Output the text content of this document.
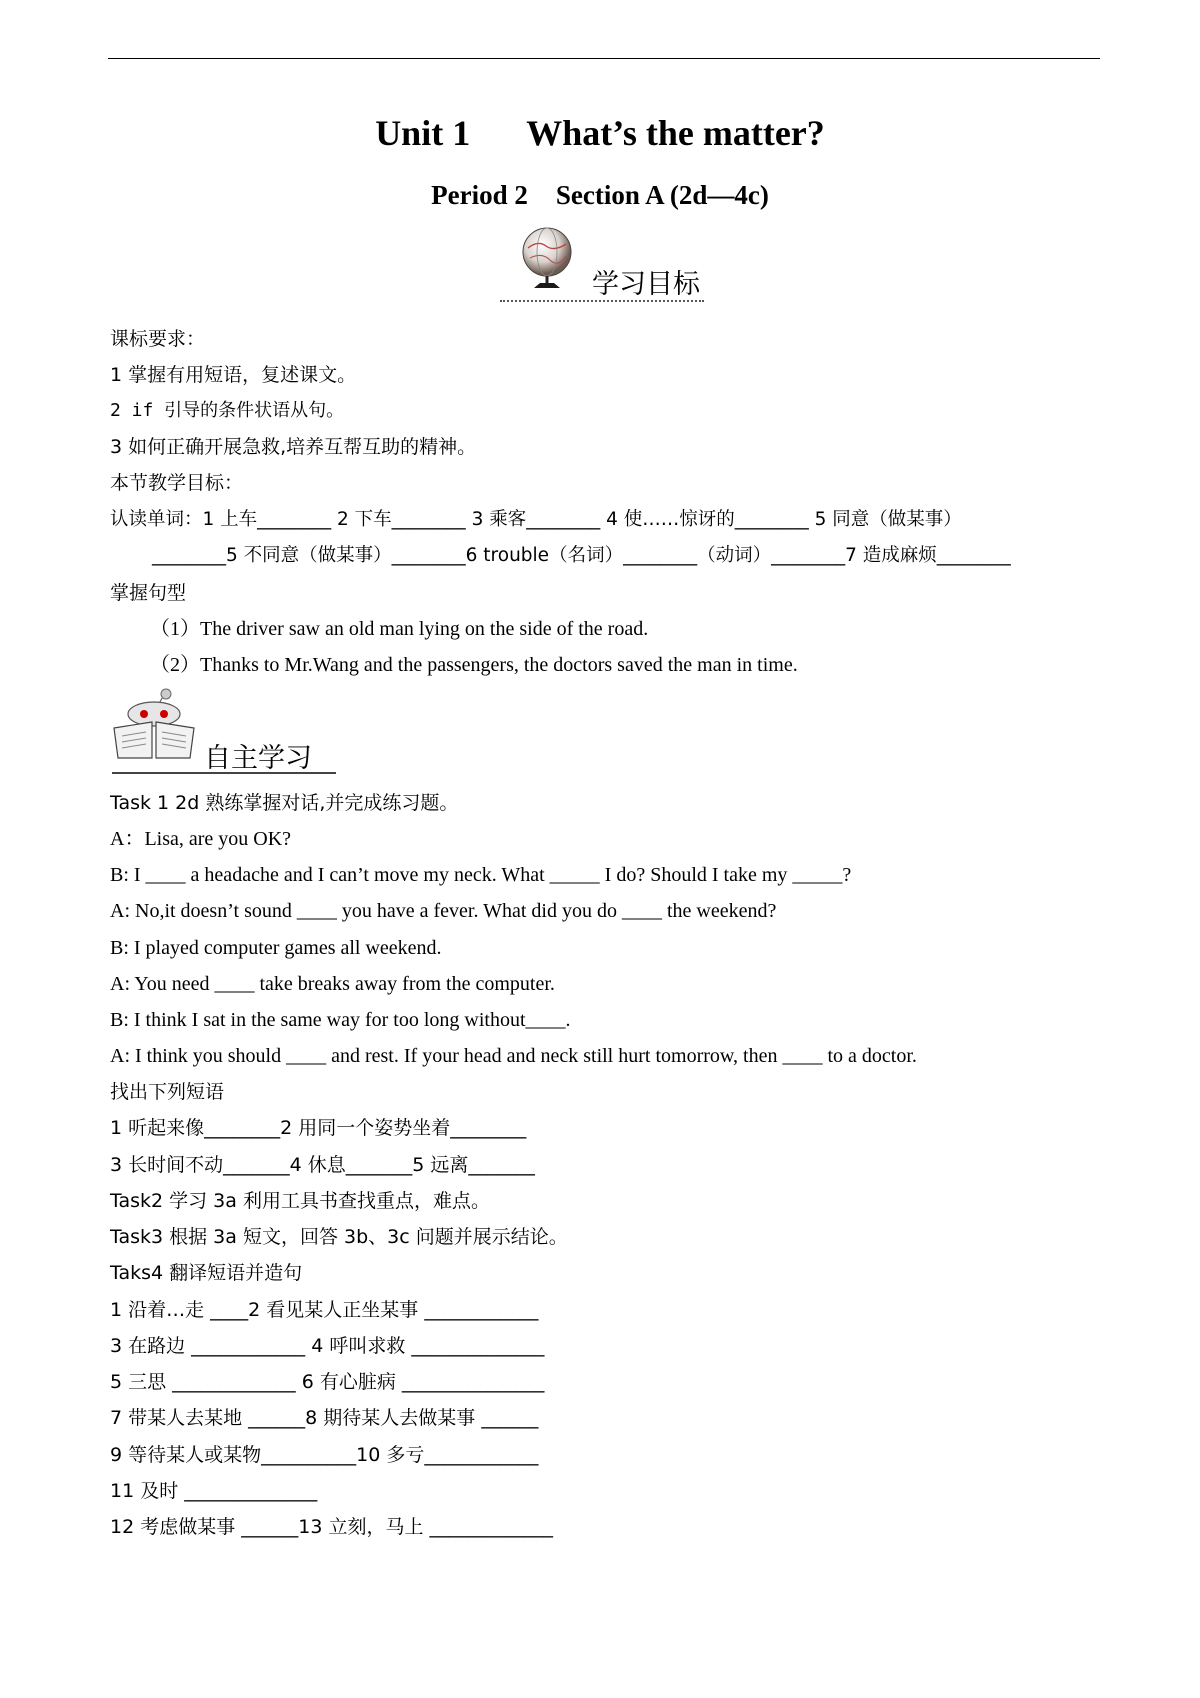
Unit 1 What’s the matter?
Period 2 Section A (2d—4c)
学习目标
课标要求：
1 掌握有用短语，复述课文。
2 if 引导的条件状语从句。
3 如何正确开展急救,培养互帮互助的精神。
本节教学目标：
认读单词：1 上车________ 2 下车________ 3 乘客________ 4 使……惊讶的________ 5 同意（做某事）
________5 不同意（做某事）________6 trouble（名词）________（动词）________7 造成麻烦________
掌握句型
（1）The driver saw an old man lying on the side of the road.
（2）Thanks to Mr.Wang and the passengers, the doctors saved the man in time.
自主学习
Task 1 2d 熟练掌握对话,并完成练习题。
A：Lisa, are you OK?
B: I ____ a headache and I can’t move my neck. What _____ I do? Should I take my _____?
A: No,it doesn’t sound ____ you have a fever. What did you do ____ the weekend?
B: I played computer games all weekend.
A: You need ____ take breaks away from the computer.
B: I think I sat in the same way for too long without____.
A: I think you should ____ and rest. If your head and neck still hurt tomorrow, then ____ to a doctor.
找出下列短语
1 听起来像________2 用同一个姿势坐着________
3 长时间不动_______4 休息_______5 远离_______
Task2 学习 3a 利用工具书查找重点，难点。
Task3 根据 3a 短文，回答 3b、3c 问题并展示结论。
Taks4 翻译短语并造句
1 沿着…走 ____2 看见某人正坐某事 ____________
3 在路边 ____________ 4 呼叫求救 ______________
5 三思 _____________ 6 有心脏病 _______________
7 带某人去某地 ______8 期待某人去做某事 ______
9 等待某人或某物__________10 多亏____________
11 及时 ______________
12 考虑做某事 ______13 立刻，马上 _____________
